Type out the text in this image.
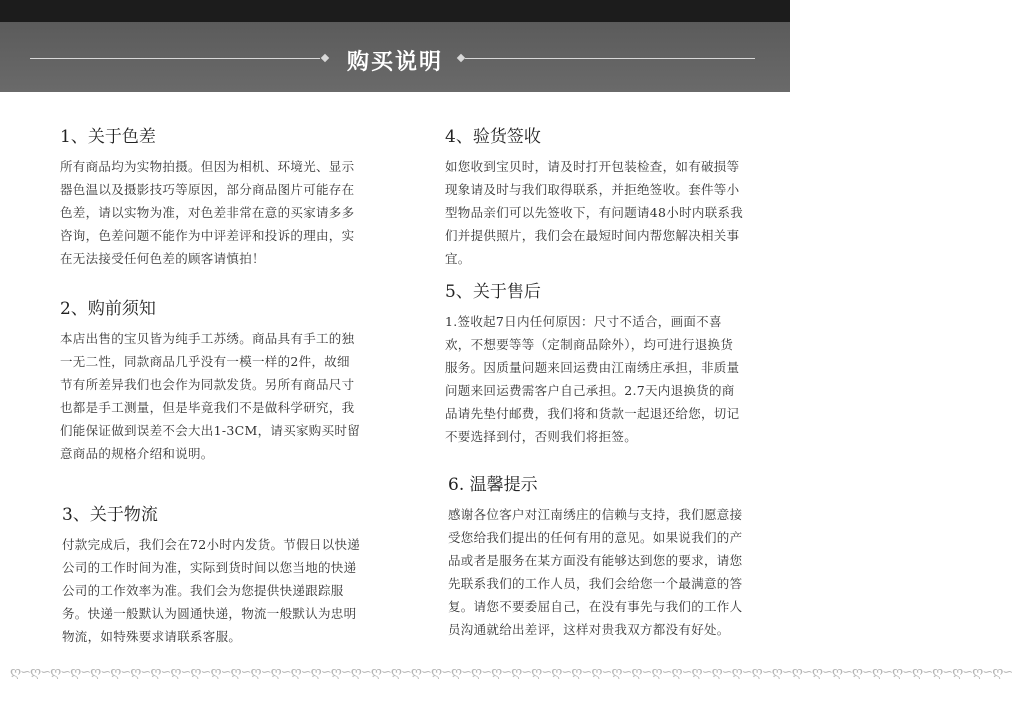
购买说明
1、关于色差

所有商品均为实物拍摄。但因为相机、环境光、显示器色温以及摄影技巧等原因，部分商品图片可能存在色差，请以实物为准，对色差非常在意的买家请多多咨询，色差问题不能作为中评差评和投诉的理由，实在无法接受任何色差的顾客请慎拍！

2、购前须知

本店出售的宝贝皆为纯手工苏绣。商品具有手工的独一无二性，同款商品几乎没有一模一样的2件，故细节有所差异我们也会作为同款发货。另所有商品尺寸也都是手工测量，但是毕竟我们不是做科学研究，我们能保证做到误差不会大出1-3CM，请买家购买时留意商品的规格介绍和说明。

3、关于物流

付款完成后，我们会在72小时内发货。节假日以快递公司的工作时间为准，实际到货时间以您当地的快递公司的工作效率为准。我们会为您提供快递跟踪服务。快递一般默认为圆通快递，物流一般默认为忠明物流，如特殊要求请联系客服。

4、验货签收

如您收到宝贝时，请及时打开包装检查，如有破损等现象请及时与我们取得联系，并拒绝签收。套件等小型物品亲们可以先签收下，有问题请48小时内联系我们并提供照片，我们会在最短时间内帮您解决相关事宜。

5、关于售后

1.签收起7日内任何原因：尺寸不适合，画面不喜欢，不想要等等（定制商品除外），均可进行退换货服务。因质量问题来回运费由江南绣庄承担，非质量问题来回运费需客户自己承担。2.7天内退换货的商品请先垫付邮费，我们将和货款一起退还给您，切记不要选择到付，否则我们将拒签。

6. 温馨提示

感谢各位客户对江南绣庄的信赖与支持，我们愿意接受您给我们提出的任何有用的意见。如果说我们的产品或者是服务在某方面没有能够达到您的要求，请您先联系我们的工作人员，我们会给您一个最满意的答复。请您不要委屈自己，在没有事先与我们的工作人员沟通就给出差评，这样对贵我双方都没有好处。

ღ∽ღ∽ღ∽ღ∽ღ∽ღ∽ღ∽ღ∽ღ∽ღ∽ღ∽ღ∽ღ∽ღ∽ღ∽ღ∽ღ∽ღ∽ღ∽ღ∽ღ∽ღ∽ღ∽ღ∽ღ∽ღ∽ღ∽ღ∽ღ∽ღ∽ღ∽ღ∽ღ∽ღ∽ღ∽ღ∽ღ∽ღ∽ღ∽ღ∽ღ∽ღ∽ღ∽ღ∽ღ∽ღ∽ღ∽ღ∽ღ∽ღ∽
